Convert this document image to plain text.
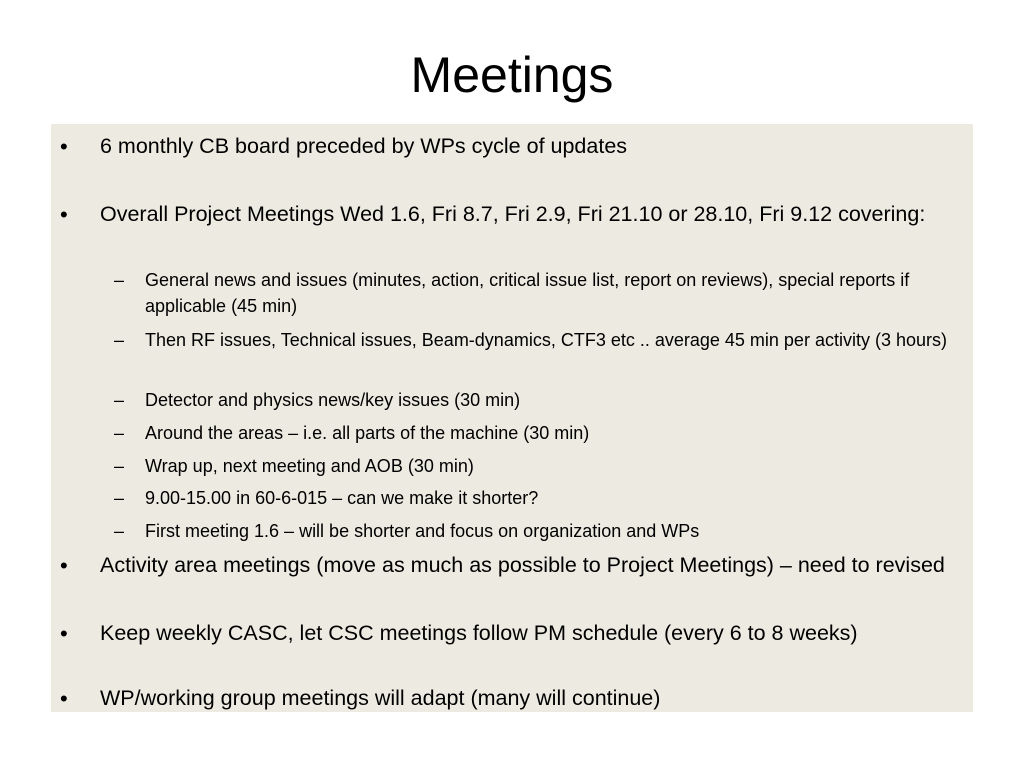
Meetings
• 6 monthly CB board preceded by WPs cycle of updates
• Overall Project Meetings Wed 1.6, Fri 8.7, Fri 2.9, Fri 21.10 or 28.10, Fri 9.12 covering:
– General news and issues (minutes, action, critical issue list, report on reviews), special reports if applicable (45 min)
– Then RF issues, Technical issues, Beam-dynamics, CTF3 etc .. average 45 min per activity (3 hours)
– Detector and physics news/key issues (30 min)
– Around the areas – i.e. all parts of the machine (30 min)
– Wrap up, next meeting and AOB (30 min)
– 9.00-15.00 in 60-6-015 – can we make it shorter?
– First meeting 1.6 – will be shorter and focus on organization and WPs
• Activity area meetings (move as much as possible to Project Meetings) – need to revised
• Keep weekly CASC, let CSC meetings follow PM schedule (every 6 to 8 weeks)
• WP/working group meetings will adapt (many will continue)
